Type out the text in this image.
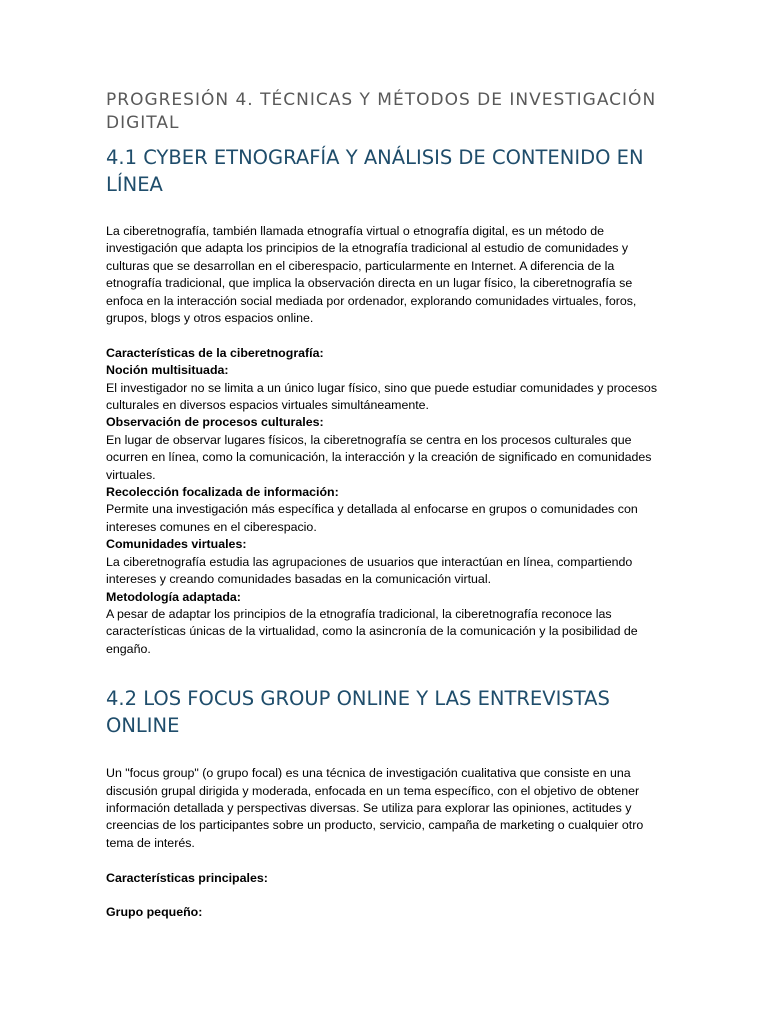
PROGRESIÓN 4. TÉCNICAS Y MÉTODOS DE INVESTIGACIÓN DIGITAL
4.1 CYBER ETNOGRAFÍA Y ANÁLISIS DE CONTENIDO EN LÍNEA

La ciberetnografía, también llamada etnografía virtual o etnografía digital, es un método de investigación que adapta los principios de la etnografía tradicional al estudio de comunidades y culturas que se desarrollan en el ciberespacio, particularmente en Internet. A diferencia de la etnografía tradicional, que implica la observación directa en un lugar físico, la ciberetnografía se enfoca en la interacción social mediada por ordenador, explorando comunidades virtuales, foros, grupos, blogs y otros espacios online.

Características de la ciberetnografía:

Noción multisituada:

El investigador no se limita a un único lugar físico, sino que puede estudiar comunidades y procesos culturales en diversos espacios virtuales simultáneamente.

Observación de procesos culturales:

En lugar de observar lugares físicos, la ciberetnografía se centra en los procesos culturales que ocurren en línea, como la comunicación, la interacción y la creación de significado en comunidades virtuales.

Recolección focalizada de información:

Permite una investigación más específica y detallada al enfocarse en grupos o comunidades con intereses comunes en el ciberespacio.

Comunidades virtuales:

La ciberetnografía estudia las agrupaciones de usuarios que interactúan en línea, compartiendo intereses y creando comunidades basadas en la comunicación virtual.

Metodología adaptada:

A pesar de adaptar los principios de la etnografía tradicional, la ciberetnografía reconoce las características únicas de la virtualidad, como la asincronía de la comunicación y la posibilidad de engaño.

4.2 LOS FOCUS GROUP ONLINE Y LAS ENTREVISTAS ONLINE

Un "focus group" (o grupo focal) es una técnica de investigación cualitativa que consiste en una discusión grupal dirigida y moderada, enfocada en un tema específico, con el objetivo de obtener información detallada y perspectivas diversas. Se utiliza para explorar las opiniones, actitudes y creencias de los participantes sobre un producto, servicio, campaña de marketing o cualquier otro tema de interés.

Características principales:

Grupo pequeño:
